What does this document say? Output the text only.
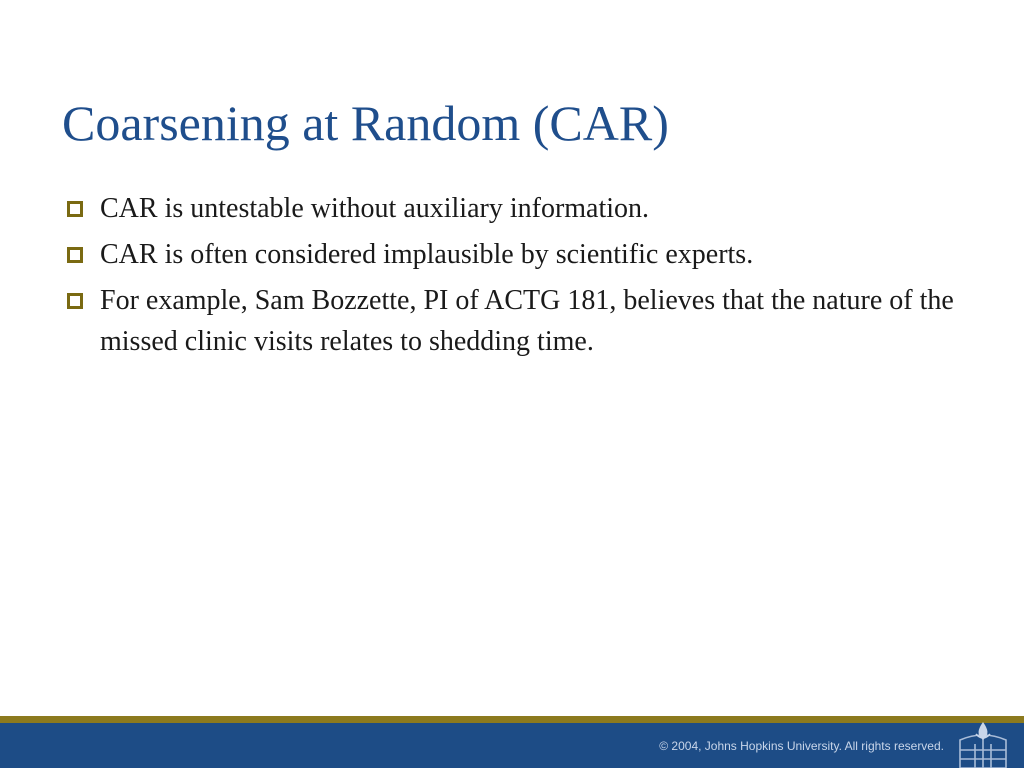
Coarsening at Random (CAR)
CAR is untestable without auxiliary information.
CAR is often considered implausible by scientific experts.
For example, Sam Bozzette, PI of ACTG 181, believes that the nature of the missed clinic visits relates to shedding time.
© 2004, Johns Hopkins University. All rights reserved.
